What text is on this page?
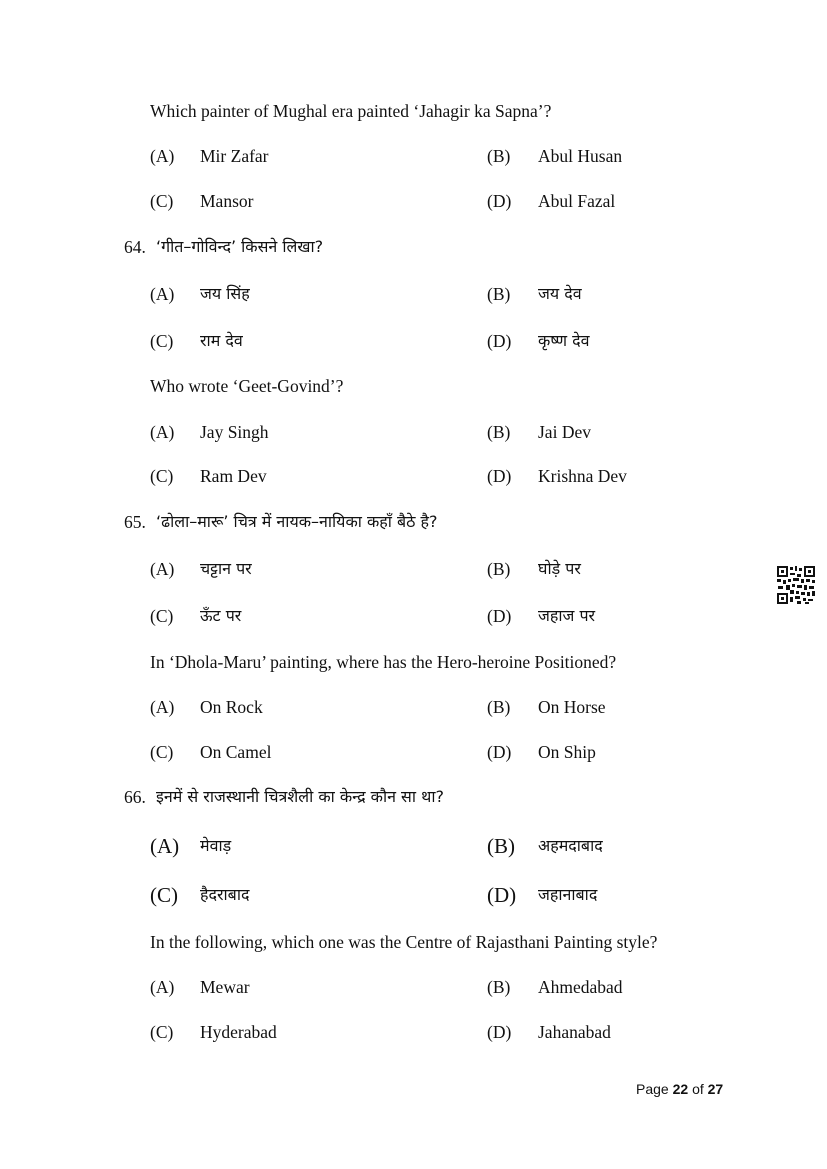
Which painter of Mughal era painted ‘Jahagir ka Sapna’?
(A) Mir Zafar	(B) Abul Husan
(C) Mansor	(D) Abul Fazal
64. ‘गीत–गोविन्द’ किसने लिखा?
(A) जय सिंह	(B) जय देव
(C) राम देव	(D) कृष्ण देव
Who wrote ‘Geet-Govind’?
(A) Jay Singh	(B) Jai Dev
(C) Ram Dev	(D) Krishna Dev
65. ‘ढोला–मारू’ चित्र में नायक–नायिका कहाँ बैठे है?
(A) चट्टान पर	(B) घोड़े पर
(C) ऊँट पर	(D) जहाज पर
In ‘Dhola-Maru’ painting, where has the Hero-heroine Positioned?
(A) On Rock	(B) On Horse
(C) On Camel	(D) On Ship
66. इनमें से राजस्थानी चित्रशैली का केन्द्र कौन सा था?
(A) मेवाड़	(B) अहमदाबाद
(C) हैदराबाद	(D) जहानाबाद
In the following, which one was the Centre of Rajasthani Painting style?
(A) Mewar	(B) Ahmedabad
(C) Hyderabad	(D) Jahanabad
Page 22 of 27
